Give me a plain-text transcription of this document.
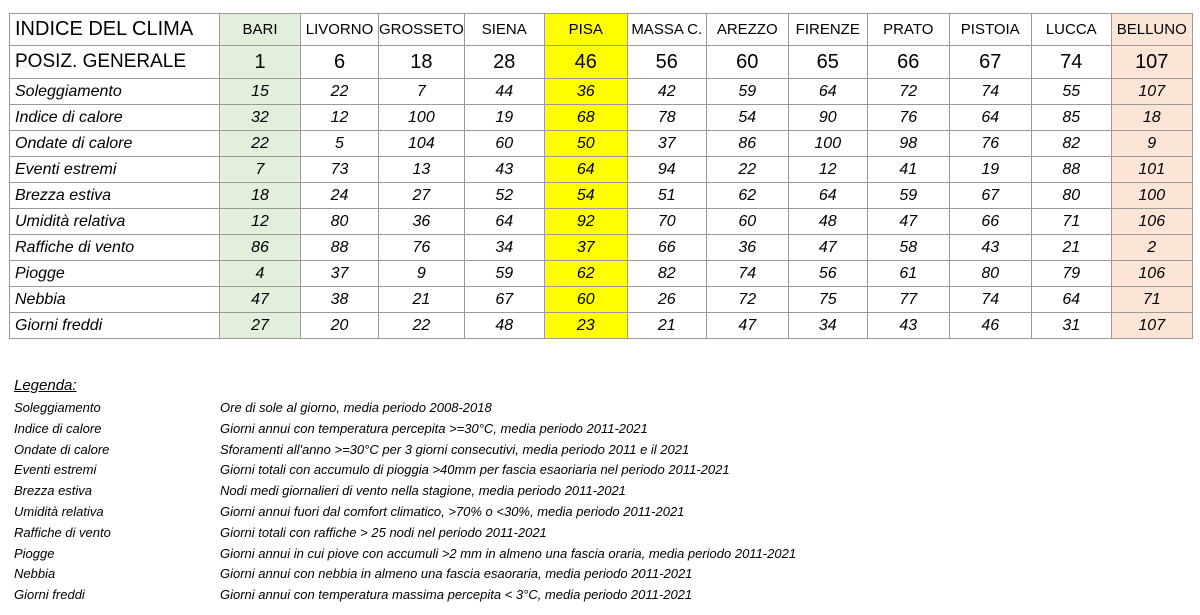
INDICE DEL CLIMA	BARI	LIVORNO	GROSSETO	SIENA	PISA	MASSA C.	AREZZO	FIRENZE	PRATO	PISTOIA	LUCCA	BELLUNO
POSIZ. GENERALE	1	6	18	28	46	56	60	65	66	67	74	107
Soleggiamento	15	22	7	44	36	42	59	64	72	74	55	107
Indice di calore	32	12	100	19	68	78	54	90	76	64	85	18
Ondate di calore	22	5	104	60	50	37	86	100	98	76	82	9
Eventi estremi	7	73	13	43	64	94	22	12	41	19	88	101
Brezza estiva	18	24	27	52	54	51	62	64	59	67	80	100
Umidità relativa	12	80	36	64	92	70	60	48	47	66	71	106
Raffiche di vento	86	88	76	34	37	66	36	47	58	43	21	2
Piogge	4	37	9	59	62	82	74	56	61	80	79	106
Nebbia	47	38	21	67	60	26	72	75	77	74	64	71
Giorni freddi	27	20	22	48	23	21	47	34	43	46	31	107
Legenda:
Soleggiamento	Ore di sole al giorno, media periodo 2008-2018
Indice di calore	Giorni annui con temperatura percepita >=30°C, media periodo 2011-2021
Ondate di calore	Sforamenti all'anno >=30°C per 3 giorni consecutivi, media periodo 2011 e il 2021
Eventi estremi	Giorni totali con accumulo di pioggia >40mm per fascia esaoriaria nel periodo 2011-2021
Brezza estiva	Nodi medi giornalieri di vento nella stagione, media periodo 2011-2021
Umidità relativa	Giorni annui fuori dal comfort climatico, >70% o <30%, media periodo 2011-2021
Raffiche di vento	Giorni totali con raffiche > 25 nodi nel periodo 2011-2021
Piogge	Giorni annui in cui piove con accumuli >2 mm in almeno una fascia oraria, media periodo 2011-2021
Nebbia	Giorni annui con nebbia in almeno una fascia esaoraria, media periodo 2011-2021
Giorni freddi	Giorni annui con temperatura massima percepita < 3°C, media periodo 2011-2021
